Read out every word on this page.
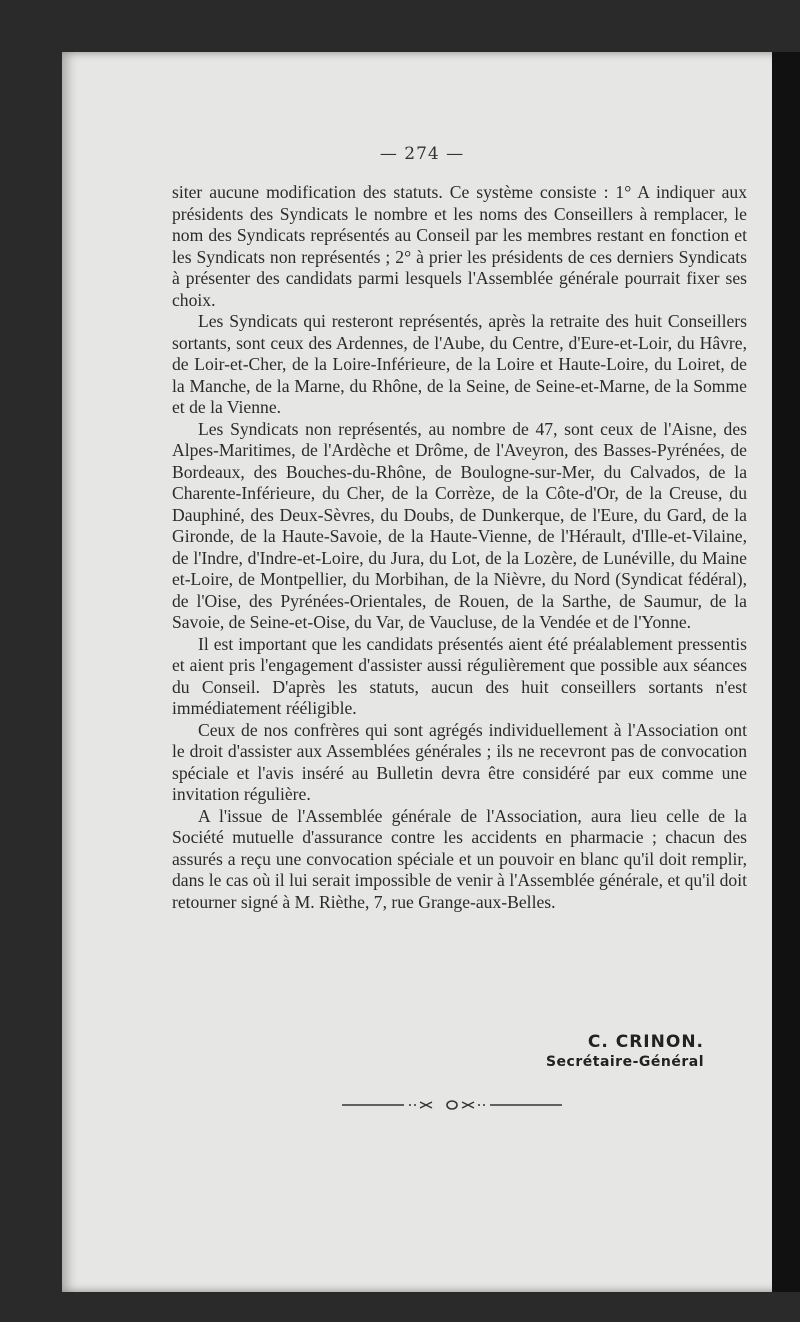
— 274 —

siter aucune modification des statuts. Ce système consiste : 1° A indiquer aux présidents des Syndicats le nombre et les noms des Conseillers à remplacer, le nom des Syndicats représentés au Conseil par les membres restant en fonction et les Syndicats non représentés ; 2° à prier les présidents de ces derniers Syndicats à présenter des candidats parmi lesquels l'Assemblée générale pourrait fixer ses choix.

Les Syndicats qui resteront représentés, après la retraite des huit Conseillers sortants, sont ceux des Ardennes, de l'Aube, du Centre, d'Eure-et-Loir, du Hâvre, de Loir-et-Cher, de la Loire-Inférieure, de la Loire et Haute-Loire, du Loiret, de la Manche, de la Marne, du Rhône, de la Seine, de Seine-et-Marne, de la Somme et de la Vienne.

Les Syndicats non représentés, au nombre de 47, sont ceux de l'Aisne, des Alpes-Maritimes, de l'Ardèche et Drôme, de l'Aveyron, des Basses-Pyrénées, de Bordeaux, des Bouches-du-Rhône, de Boulogne-sur-Mer, du Calvados, de la Charente-Inférieure, du Cher, de la Corrèze, de la Côte-d'Or, de la Creuse, du Dauphiné, des Deux-Sèvres, du Doubs, de Dunkerque, de l'Eure, du Gard, de la Gironde, de la Haute-Savoie, de la Haute-Vienne, de l'Hérault, d'Ille-et-Vilaine, de l'Indre, d'Indre-et-Loire, du Jura, du Lot, de la Lozère, de Lunéville, du Maine et-Loire, de Montpellier, du Morbihan, de la Nièvre, du Nord (Syndicat fédéral), de l'Oise, des Pyrénées-Orientales, de Rouen, de la Sarthe, de Saumur, de la Savoie, de Seine-et-Oise, du Var, de Vaucluse, de la Vendée et de l'Yonne.

Il est important que les candidats présentés aient été préalablement pressentis et aient pris l'engagement d'assister aussi régulièrement que possible aux séances du Conseil. D'après les statuts, aucun des huit conseillers sortants n'est immédiatement rééligible.

Ceux de nos confrères qui sont agrégés individuellement à l'Association ont le droit d'assister aux Assemblées générales ; ils ne recevront pas de convocation spéciale et l'avis inséré au Bulletin devra être considéré par eux comme une invitation régulière.

A l'issue de l'Assemblée générale de l'Association, aura lieu celle de la Société mutuelle d'assurance contre les accidents en pharmacie ; chacun des assurés a reçu une convocation spéciale et un pouvoir en blanc qu'il doit remplir, dans le cas où il lui serait impossible de venir à l'Assemblée générale, et qu'il doit retourner signé à M. Rièthe, 7, rue Grange-aux-Belles.

C. CRINON.
Secrétaire-Général
